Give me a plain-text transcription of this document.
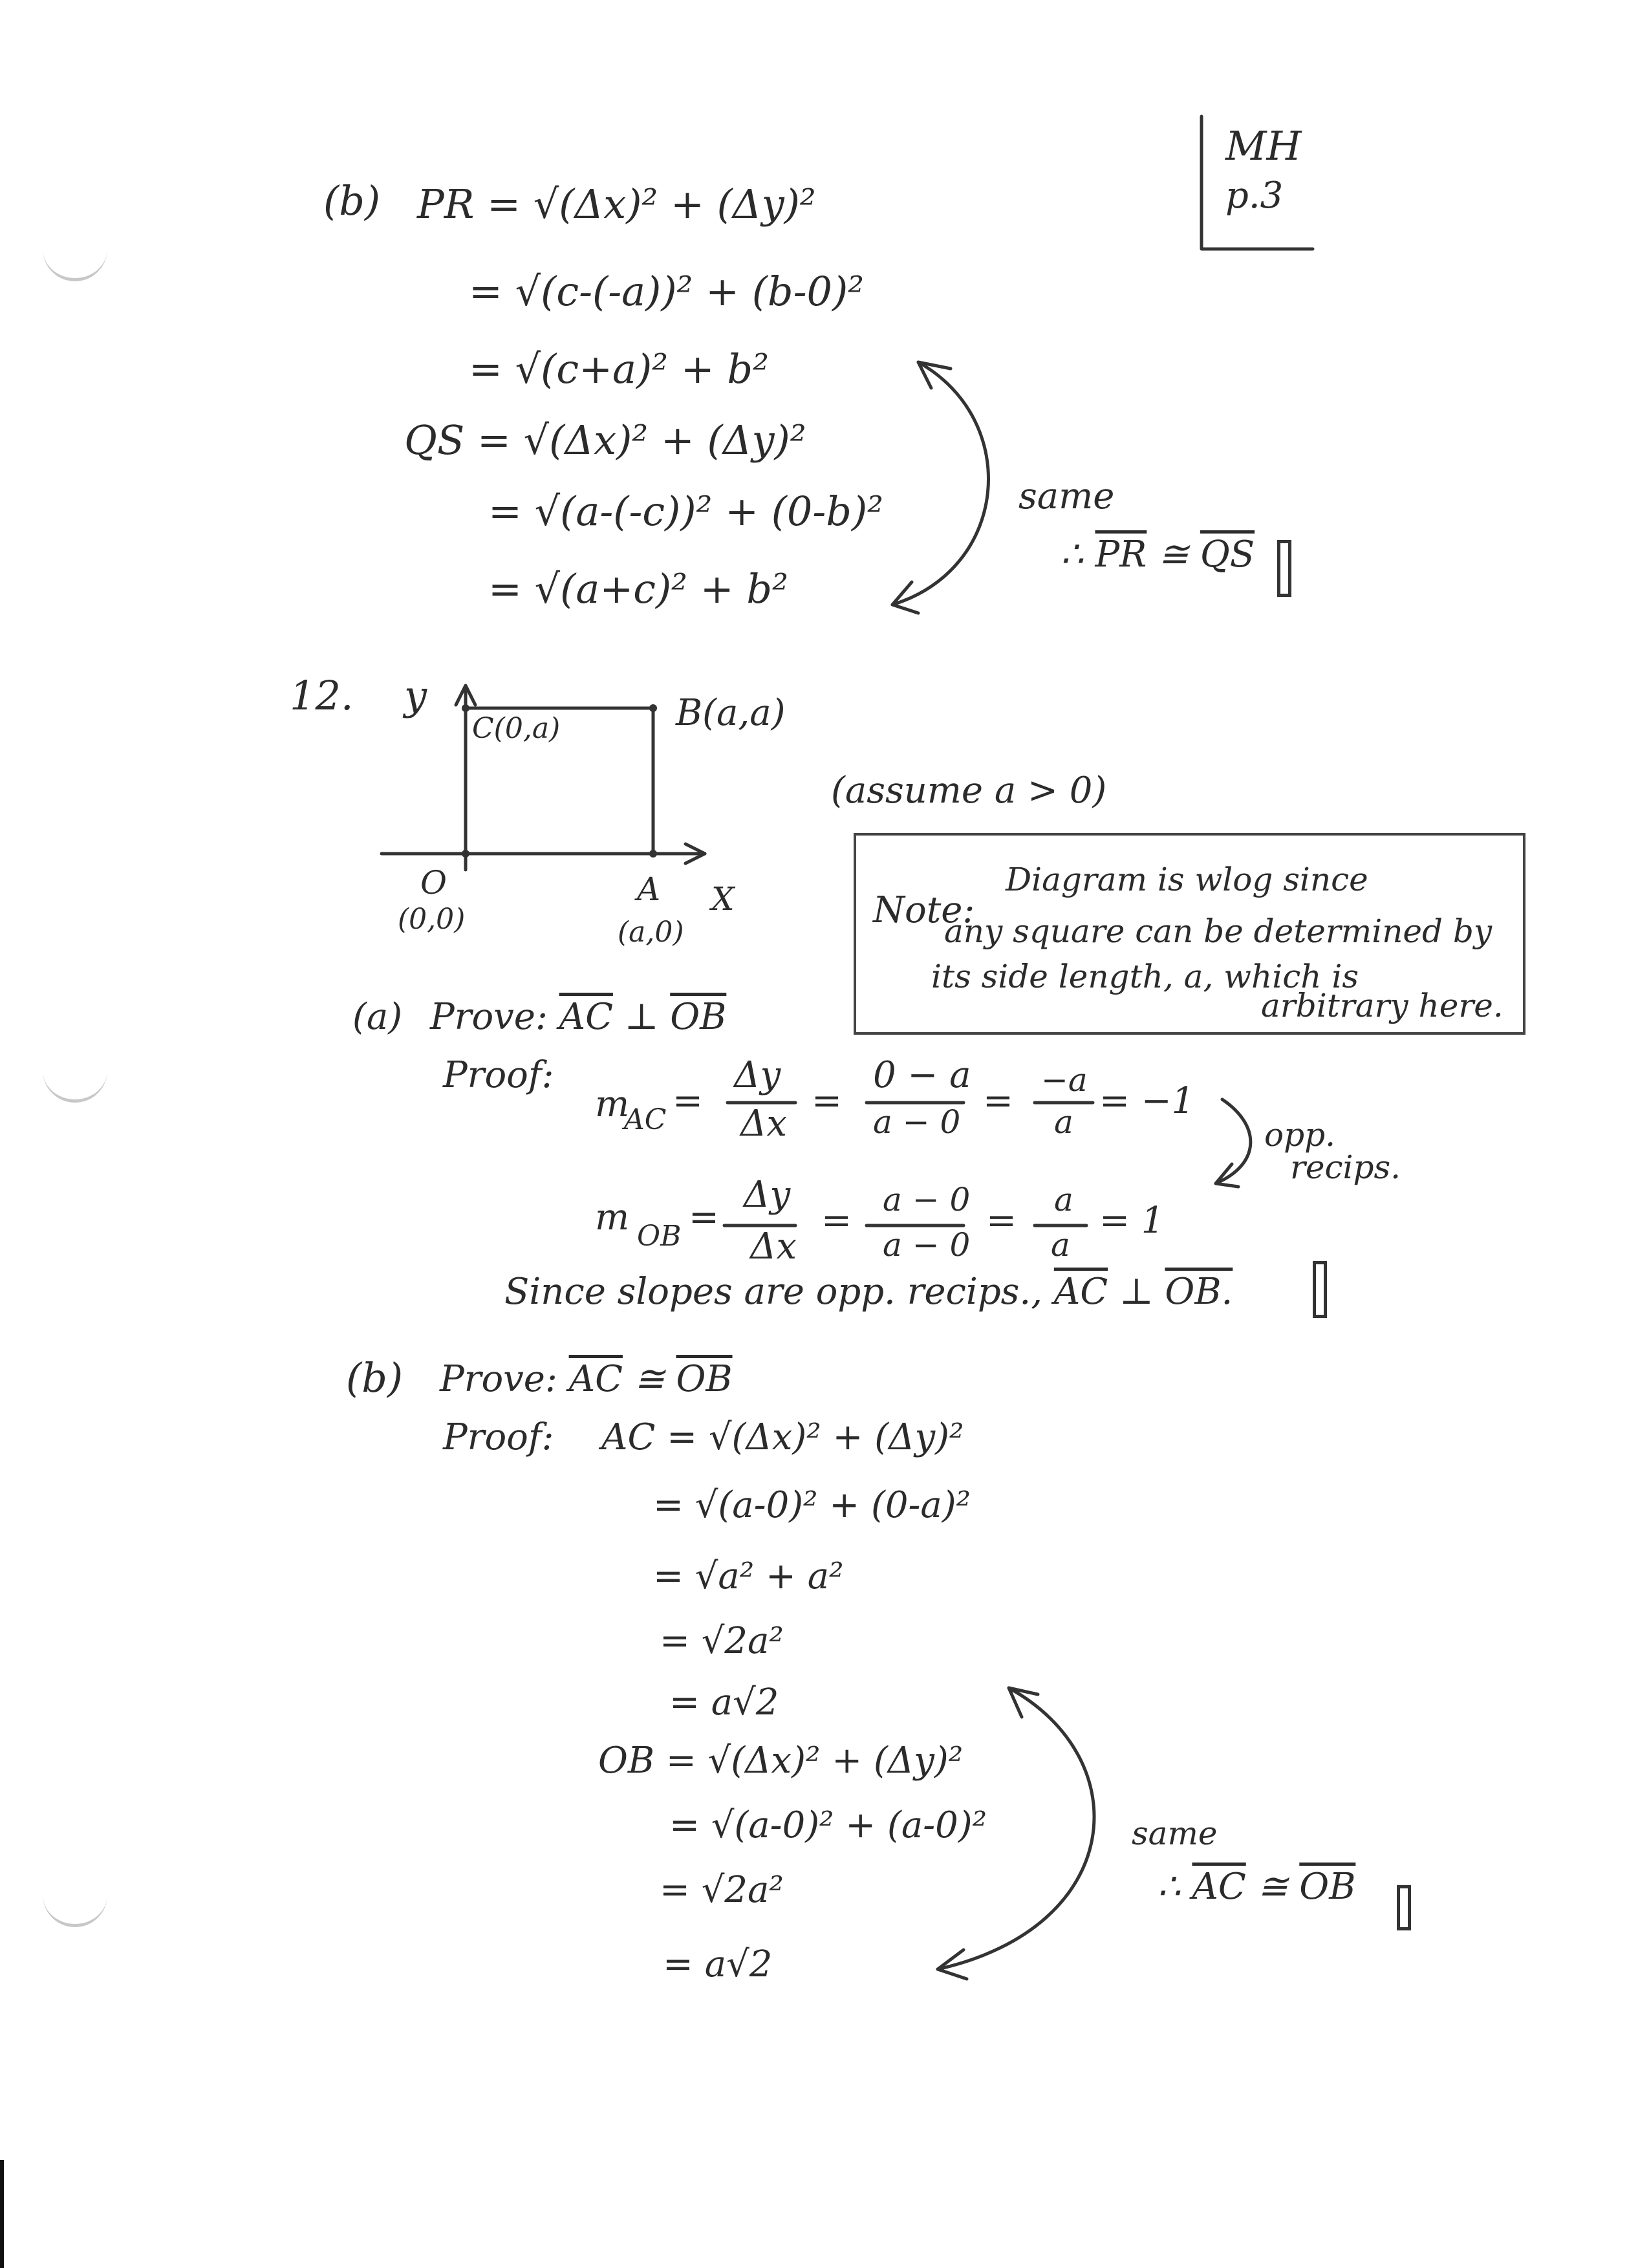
MH
p.3
(b) PR = √(Δx)² + (Δy)²
= √(c-(-a))² + (b-0)²
= √(c+a)² + b²
QS = √(Δx)² + (Δy)²
= √(a-(-c))² + (0-b)²
= √(a+c)² + b²
same
∴ $\overline{PR}$ ≅ $\overline{QS}$
12. y
C(0,a)	B(a,a)
O
(0,0)
A
(a,0)
X
(assume a > 0)
Note:
Diagram is wlog since
any square can be determined by
its side length, a, which is
arbitrary here.
(a) Prove: $\overline{AC}$ ⊥ $\overline{OB}$
Proof:
m
AC =
Δy
Δx
=
0 − a
a − 0 = −a
a = −1
opp.
recips.
m OB =
Δy
Δx
= a − 0
a − 0
= a
a
= 1
Since slopes are opp. recips., $\overline{AC}$ ⊥ OB.
(b) Prove: $\overline{AC}$ ≅ $\overline{OB}$
Proof: AC = √(Δx)² + (Δy)²
= √(a-0)² + (0-a)²
= √a² + a²
= √2a²
= a√2
OB = √(Δx)² + (Δy)²
= √(a-0)² + (a-0)²
= √2a²
= a√2
same
∴ $\overline{AC}$ ≅ $\overline{OB}$
